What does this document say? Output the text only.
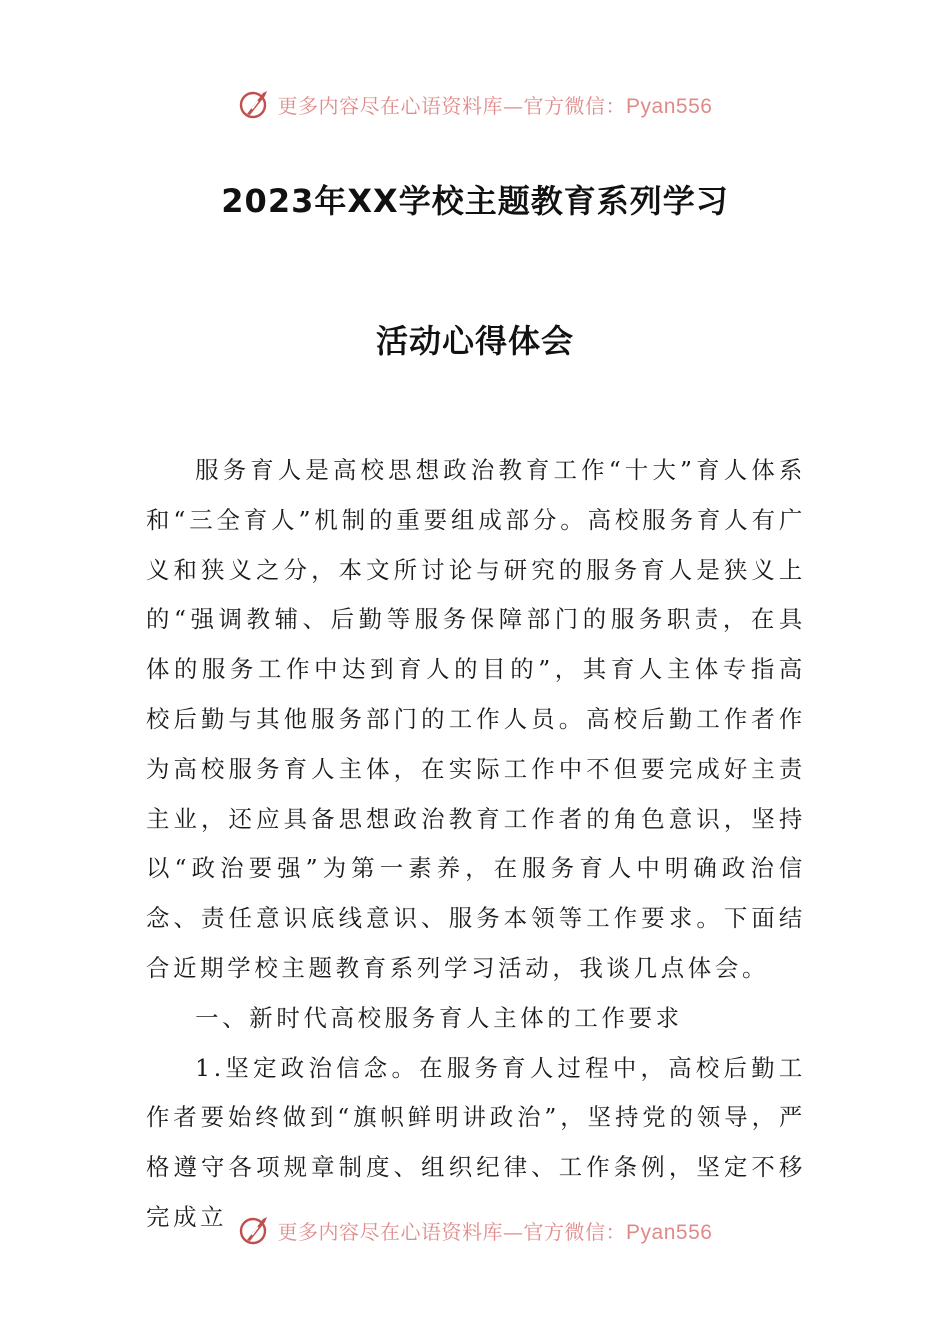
更多内容尽在心语资料库—官方微信：Pyan556
2023年XX学校主题教育系列学习
活动心得体会

服务育人是高校思想政治教育工作“十大”育人体系和“三全育人”机制的重要组成部分。高校服务育人有广义和狭义之分，本文所讨论与研究的服务育人是狭义上的“强调教辅、后勤等服务保障部门的服务职责，在具体的服务工作中达到育人的目的”，其育人主体专指高校后勤与其他服务部门的工作人员。高校后勤工作者作为高校服务育人主体，在实际工作中不但要完成好主责主业，还应具备思想政治教育工作者的角色意识，坚持以“政治要强”为第一素养，在服务育人中明确政治信念、责任意识底线意识、服务本领等工作要求。下面结合近期学校主题教育系列学习活动，我谈几点体会。

一、新时代高校服务育人主体的工作要求

1.坚定政治信念。在服务育人过程中，高校后勤工作者要始终做到“旗帜鲜明讲政治”，坚持党的领导，严格遵守各项规章制度、组织纪律、工作条例，坚定不移完成立

更多内容尽在心语资料库—官方微信：Pyan556
